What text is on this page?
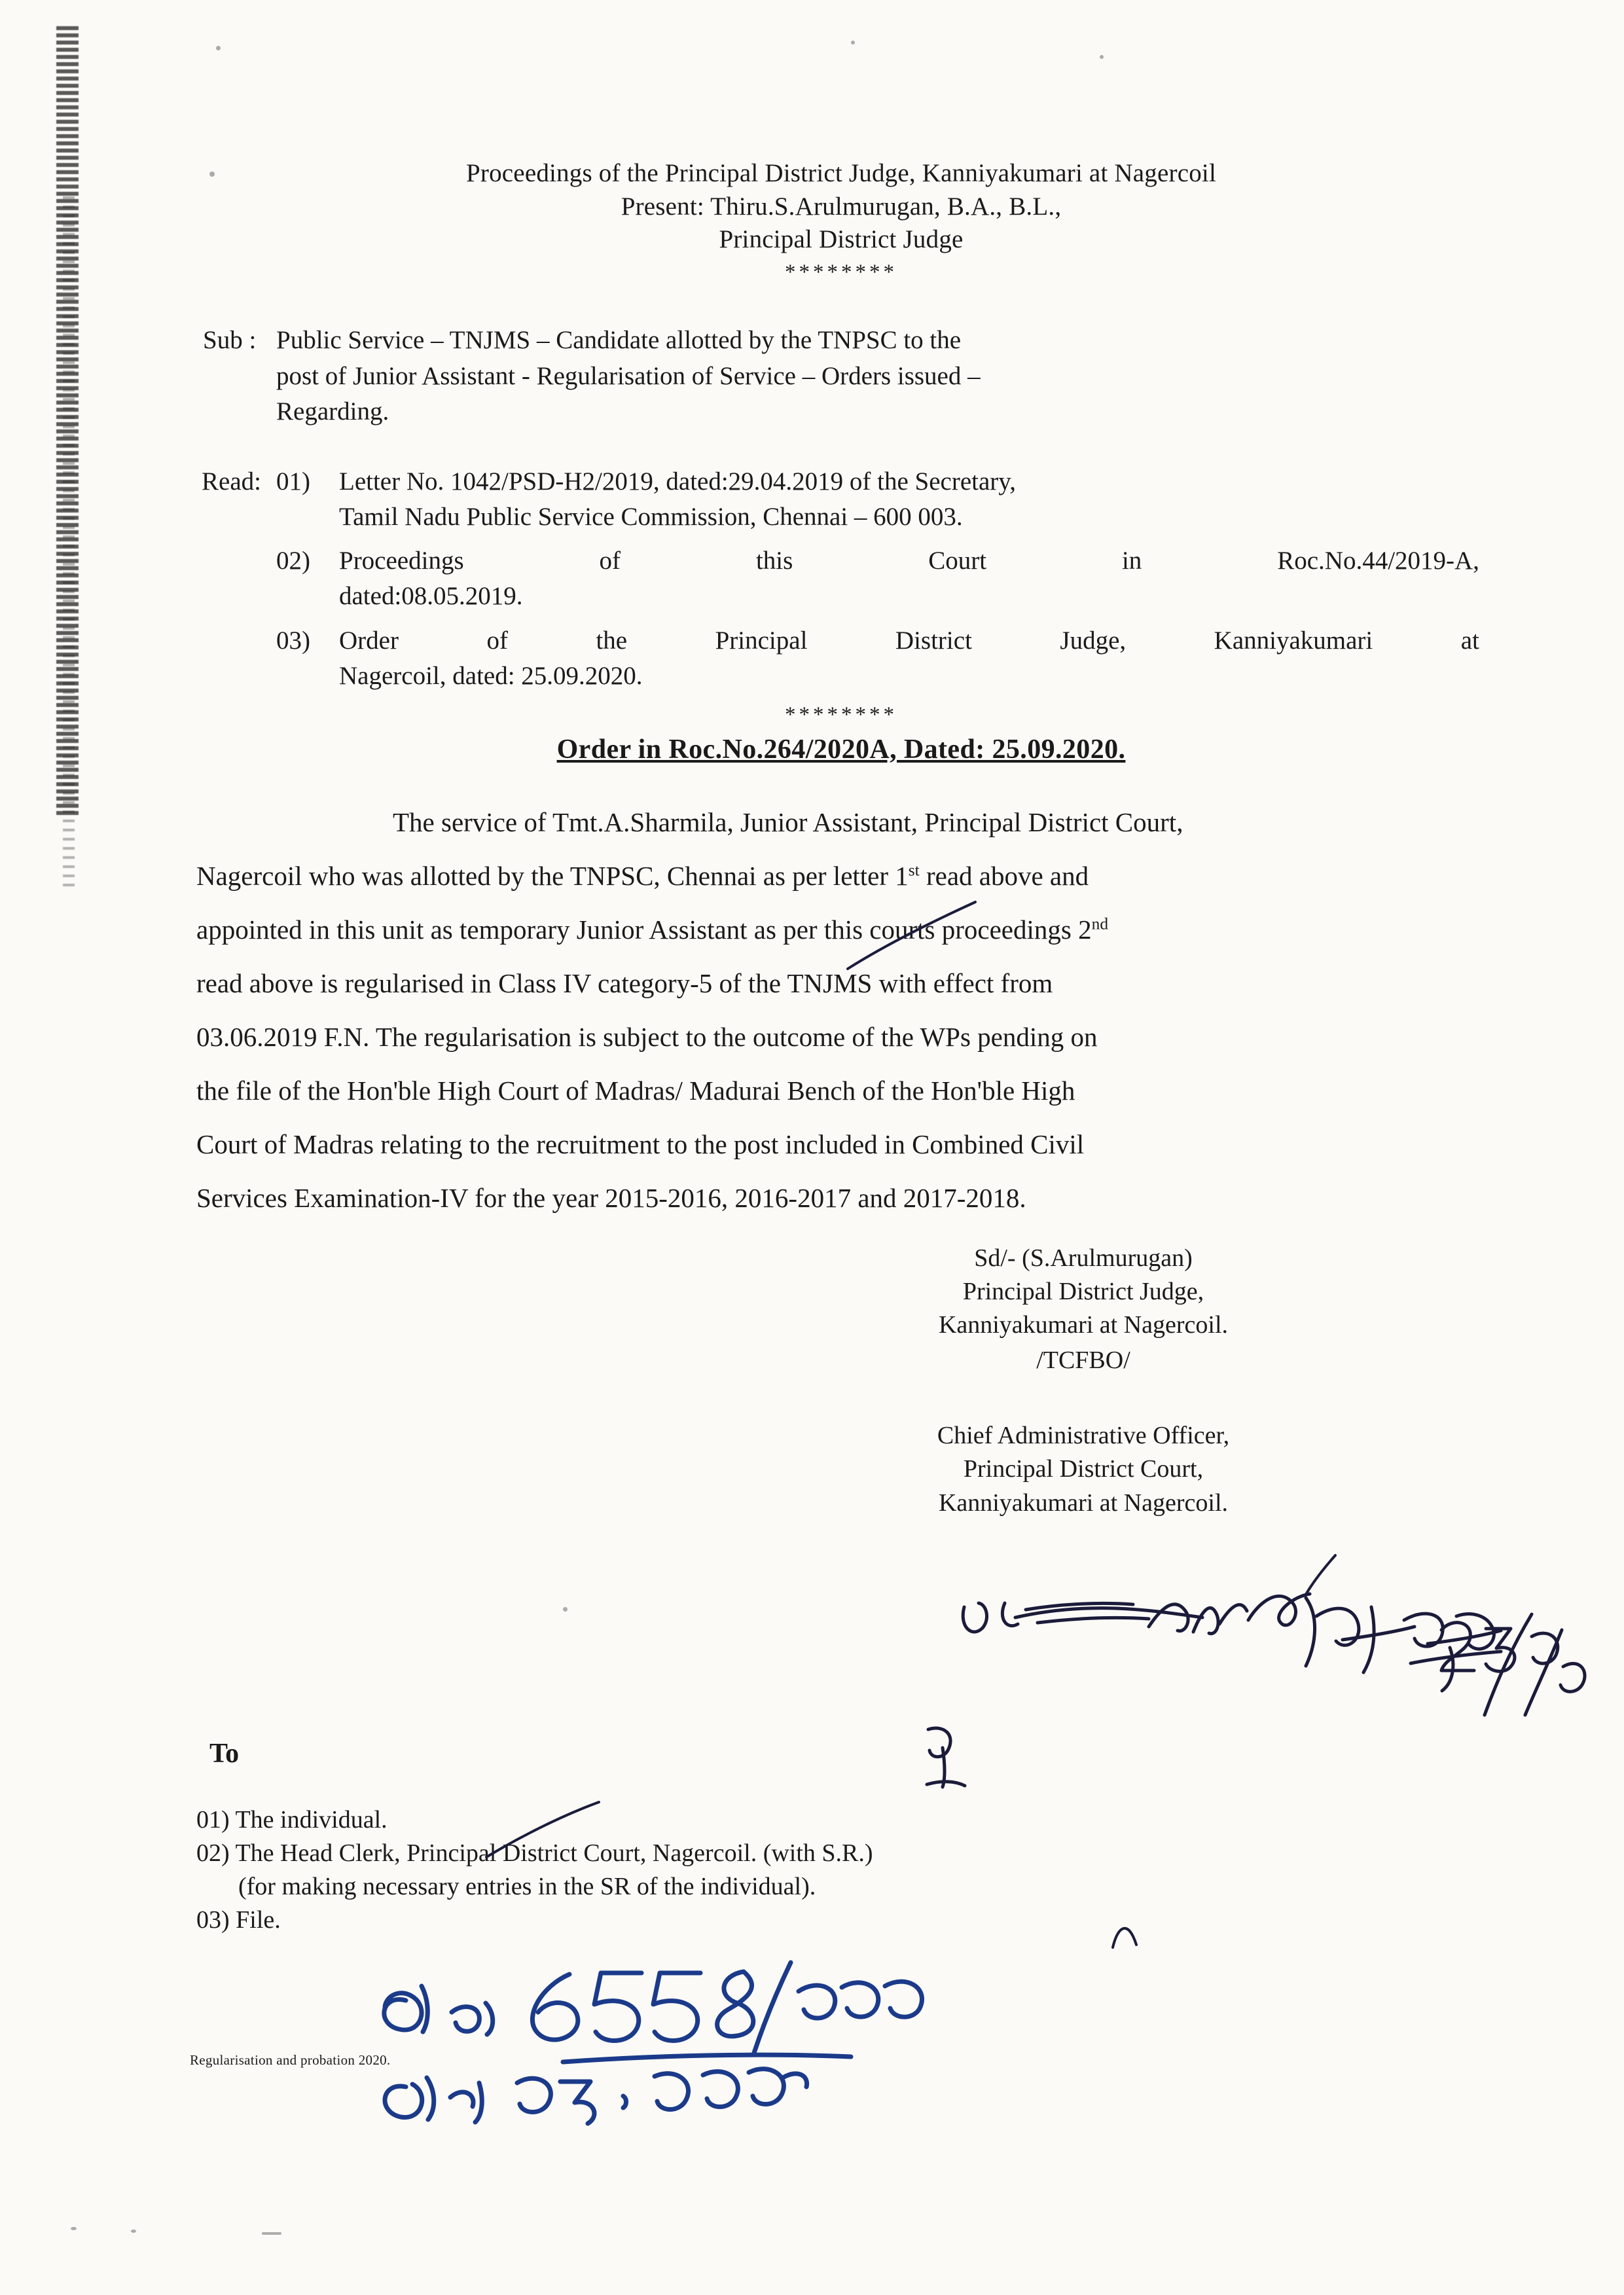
Proceedings of the Principal District Judge, Kanniyakumari at Nagercoil
Present: Thiru.S.Arulmurugan, B.A., B.L.,
Principal District Judge
********
Sub : Public Service – TNJMS – Candidate allotted by the TNPSC to the
post of Junior Assistant - Regularisation of Service – Orders issued –
Regarding.
Read: 01)	Letter No. 1042/PSD-H2/2019, dated:29.04.2019 of the Secretary,
Tamil Nadu Public Service Commission, Chennai – 600 003.
02)	Proceedings	of	this	Court	in	Roc.No.44/2019-A,
dated:08.05.2019.
03)	Order	of	the	Principal	District	Judge,	Kanniyakumari	at
Nagercoil, dated: 25.09.2020.
********
Order in Roc.No.264/2020A, Dated: 25.09.2020.
The service of Tmt.A.Sharmila, Junior Assistant, Principal District Court,
Nagercoil who was allotted by the TNPSC, Chennai as per letter 1st read above and
appointed in this unit as temporary Junior Assistant as per this courts proceedings 2nd
read above is regularised in Class IV category-5 of the TNJMS with effect from
03.06.2019 F.N. The regularisation is subject to the outcome of the WPs pending on
the file of the Hon'ble High Court of Madras/ Madurai Bench of the Hon'ble High
Court of Madras relating to the recruitment to the post included in Combined Civil
Services Examination-IV for the year 2015-2016, 2016-2017 and 2017-2018.
Sd/- (S.Arulmurugan)
Principal District Judge,
Kanniyakumari at Nagercoil.
/TCFBO/
Chief Administrative Officer,
Principal District Court,
Kanniyakumari at Nagercoil.
To
01) The individual.
02) The Head Clerk, Principal District Court, Nagercoil. (with S.R.)
(for making necessary entries in the SR of the individual).
03) File.
Regularisation and probation 2020.
